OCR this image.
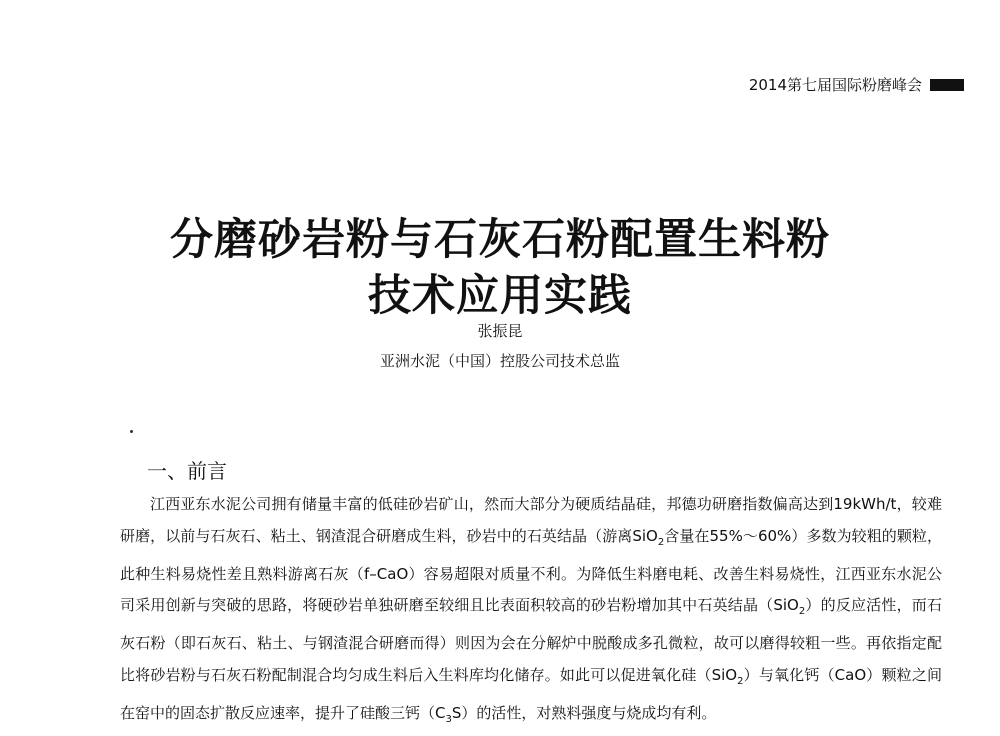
2014第七届国际粉磨峰会
分磨砂岩粉与石灰石粉配置生料粉
技术应用实践
张振昆
亚洲水泥（中国）控股公司技术总监
一、前言
江西亚东水泥公司拥有储量丰富的低硅砂岩矿山，然而大部分为硬质结晶硅，邦德功研磨指数偏高达到19kWh/t，较难研磨，以前与石灰石、粘土、钢渣混合研磨成生料，砂岩中的石英结晶（游离SiO$_2$含量在55%～60%）多数为较粗的颗粒，此种生料易烧性差且熟料游离石灰（f–CaO）容易超限对质量不利。为降低生料磨电耗、改善生料易烧性，江西亚东水泥公司采用创新与突破的思路，将硬砂岩单独研磨至较细且比表面积较高的砂岩粉增加其中石英结晶（SiO$_2$）的反应活性，而石灰石粉（即石灰石、粘土、与钢渣混合研磨而得）则因为会在分解炉中脱酸成多孔微粒，故可以磨得较粗一些。再依指定配比将砂岩粉与石灰石粉配制混合均匀成生料后入生料库均化储存。如此可以促进氧化硅（SiO$_2$）与氧化钙（CaO）颗粒之间在窑中的固态扩散反应速率，提升了硅酸三钙$(C_3S)$的活性，对熟料强度与烧成均有利。
